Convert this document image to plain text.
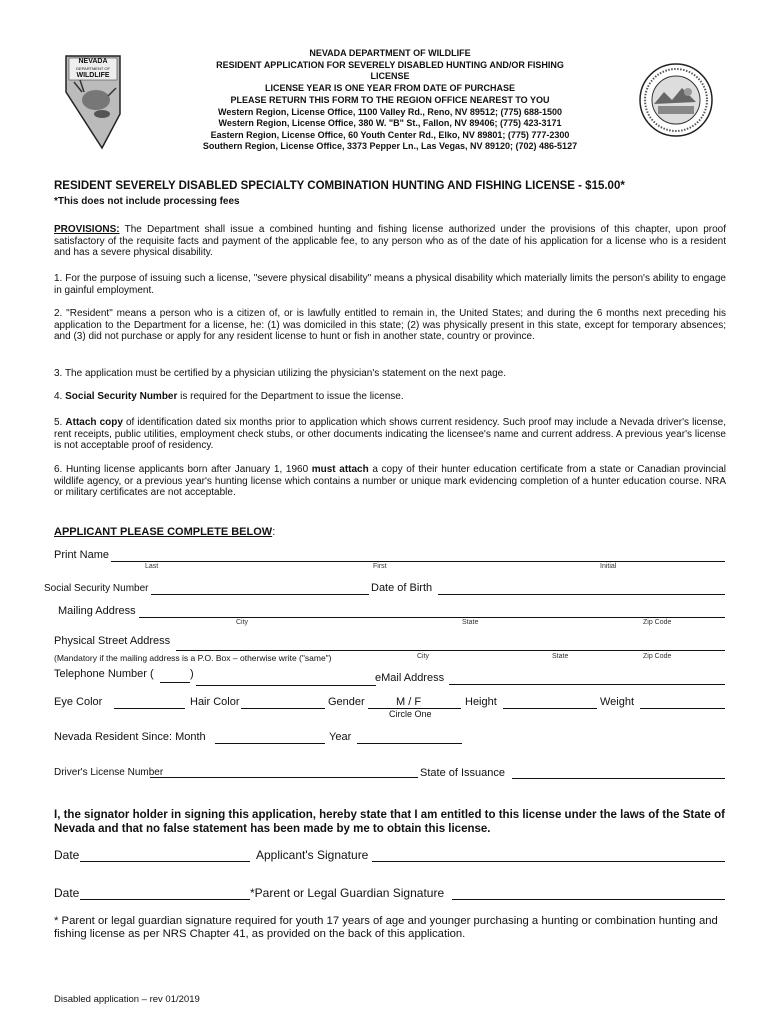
NEVADA
DEPARTMENT OF
WILDLIFE
NEVADA DEPARTMENT OF WILDLIFE
RESIDENT APPLICATION FOR SEVERELY DISABLED HUNTING AND/OR FISHING LICENSE
LICENSE YEAR IS ONE YEAR FROM DATE OF PURCHASE
PLEASE RETURN THIS FORM TO THE REGION OFFICE NEAREST TO YOU
Western Region, License Office, 1100 Valley Rd., Reno, NV 89512; (775) 688-1500
Western Region, License Office, 380 W. "B" St., Fallon, NV 89406; (775) 423-3171
Eastern Region, License Office, 60 Youth Center Rd., Elko, NV 89801; (775) 777-2300
Southern Region, License Office, 3373 Pepper Ln., Las Vegas, NV 89120; (702) 486-5127
RESIDENT SEVERELY DISABLED SPECIALTY COMBINATION HUNTING AND FISHING LICENSE - $15.00*
*This does not include processing fees
PROVISIONS: The Department shall issue a combined hunting and fishing license authorized under the provisions of this chapter, upon proof satisfactory of the requisite facts and payment of the applicable fee, to any person who as of the date of his application for a license who is a resident and has a severe physical disability.
1. For the purpose of issuing such a license, "severe physical disability" means a physical disability which materially limits the person's ability to engage in gainful employment.
2. "Resident" means a person who is a citizen of, or is lawfully entitled to remain in, the United States; and during the 6 months next preceding his application to the Department for a license, he: (1) was domiciled in this state; (2) was physically present in this state, except for temporary absences; and (3) did not purchase or apply for any resident license to hunt or fish in another state, country or province.
3. The application must be certified by a physician utilizing the physician's statement on the next page.
4. Social Security Number is required for the Department to issue the license.
5. Attach copy of identification dated six months prior to application which shows current residency. Such proof may include a Nevada driver's license, rent receipts, public utilities, employment check stubs, or other documents indicating the licensee's name and current address. A previous year's license is not acceptable proof of residency.
6. Hunting license applicants born after January 1, 1960 must attach a copy of their hunter education certificate from a state or Canadian provincial wildlife agency, or a previous year's hunting license which contains a number or unique mark evidencing completion of a hunter education course. NRA or military certificates are not acceptable.
APPLICANT PLEASE COMPLETE BELOW:
Print Name
Last	First	Initial
Social Security Number	Date of Birth
Mailing Address
City	State	Zip Code
Physical Street Address
(Mandatory if the mailing address is a P.O. Box – otherwise write ("same")	City	State	Zip Code
Telephone Number (	)	eMail Address
Eye Color	Hair Color	Gender	M / F
Circle One
Height	Weight
Nevada Resident Since: Month	Year
Driver's License Number	State of Issuance
I, the signator holder in signing this application, hereby state that I am entitled to this license under the laws of the State of Nevada and that no false statement has been made by me to obtain this license.
Date	Applicant's Signature
Date	*Parent or Legal Guardian Signature
* Parent or legal guardian signature required for youth 17 years of age and younger purchasing a hunting or combination hunting and fishing license as per NRS Chapter 41, as provided on the back of this application.
Disabled application – rev 01/2019
